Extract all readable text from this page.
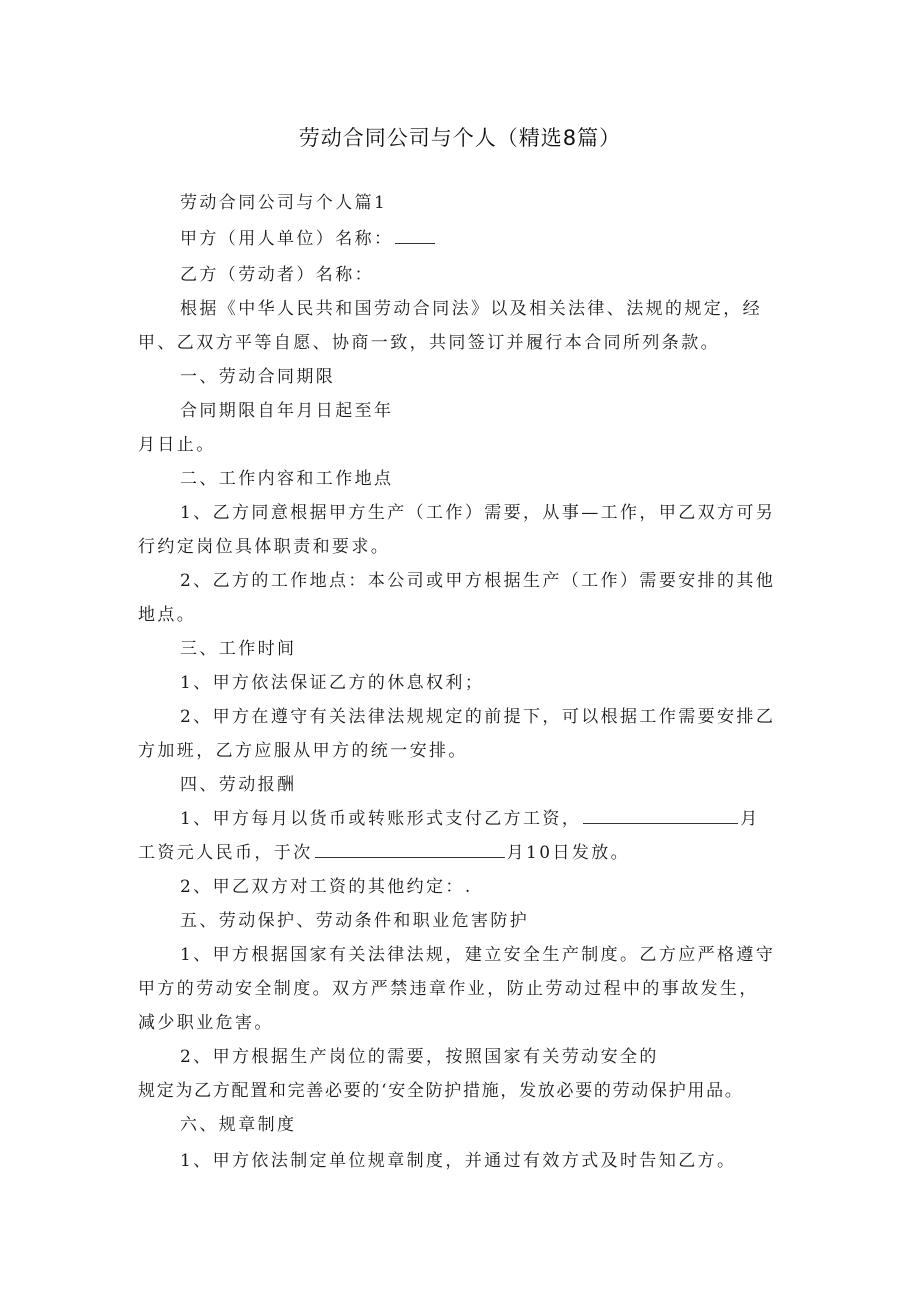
劳动合同公司与个人（精选8篇）
劳动合同公司与个人篇1
甲方（用人单位）名称：
乙方（劳动者）名称：
根据《中华人民共和国劳动合同法》以及相关法律、法规的规定，经
甲、乙双方平等自愿、协商一致，共同签订并履行本合同所列条款。
一、劳动合同期限
合同期限自年月日起至年
月日止。
二、工作内容和工作地点
1、乙方同意根据甲方生产（工作）需要，从事—工作，甲乙双方可另
行约定岗位具体职责和要求。
2、乙方的工作地点：本公司或甲方根据生产（工作）需要安排的其他
地点。
三、工作时间
1、甲方依法保证乙方的休息权利；
2、甲方在遵守有关法律法规规定的前提下，可以根据工作需要安排乙
方加班，乙方应服从甲方的统一安排。
四、劳动报酬
1、甲方每月以货币或转账形式支付乙方工资，	月
工资元人民币，于次	月10日发放。
2、甲乙双方对工资的其他约定：.
五、劳动保护、劳动条件和职业危害防护
1、甲方根据国家有关法律法规，建立安全生产制度。乙方应严格遵守
甲方的劳动安全制度。双方严禁违章作业，防止劳动过程中的事故发生，
减少职业危害。
2、甲方根据生产岗位的需要，按照国家有关劳动安全的
规定为乙方配置和完善必要的‘安全防护措施，发放必要的劳动保护用品。
六、规章制度
1、甲方依法制定单位规章制度，并通过有效方式及时告知乙方。
